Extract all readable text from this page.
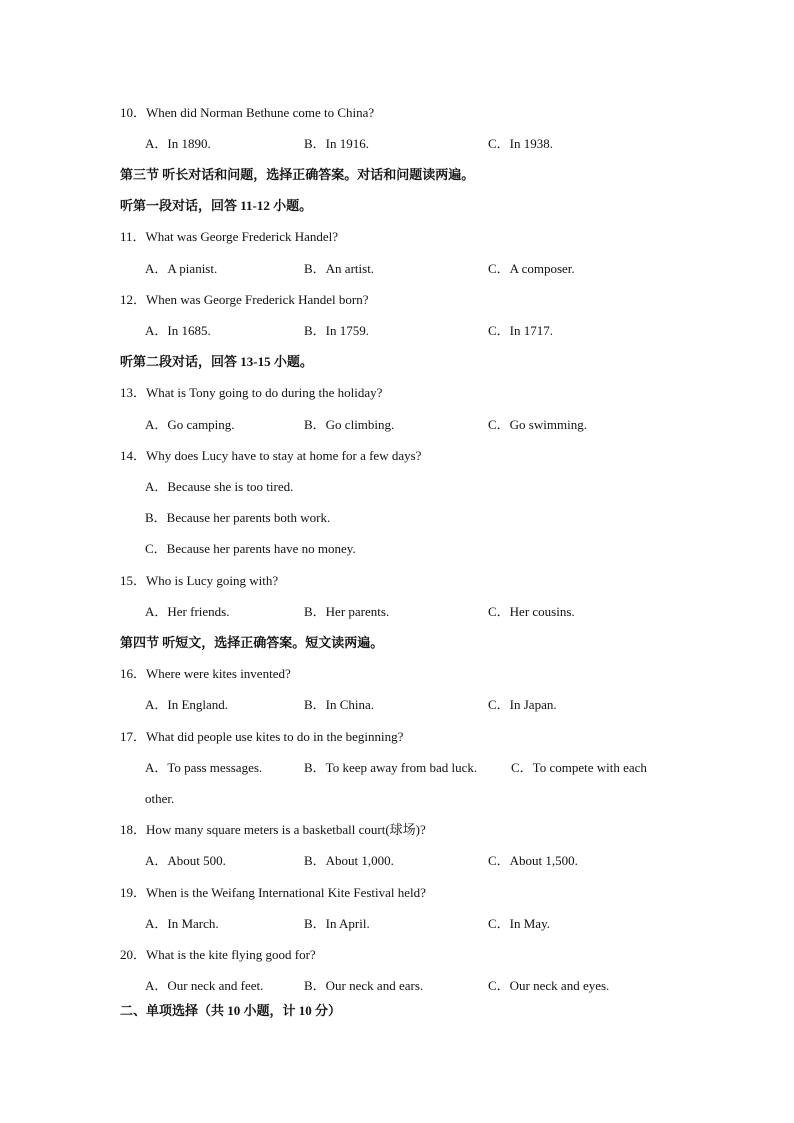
10．When did Norman Bethune come to China?
A．In 1890.	B．In 1916.	C．In 1938.
第三节 听长对话和问题，选择正确答案。对话和问题读两遍。
听第一段对话，回答 11-12 小题。
11．What was George Frederick Handel?
A．A pianist.	B．An artist.	C．A composer.
12．When was George Frederick Handel born?
A．In 1685.	B．In 1759.	C．In 1717.
听第二段对话，回答 13-15 小题。
13．What is Tony going to do during the holiday?
A．Go camping.	B．Go climbing.	C．Go swimming.
14．Why does Lucy have to stay at home for a few days?
A．Because she is too tired.
B．Because her parents both work.
C．Because her parents have no money.
15．Who is Lucy going with?
A．Her friends.	B．Her parents.	C．Her cousins.
第四节 听短文，选择正确答案。短文读两遍。
16．Where were kites invented?
A．In England.	B．In China.	C．In Japan.
17．What did people use kites to do in the beginning?
A．To pass messages.	B．To keep away from bad luck.	C．To compete with each
other.
18．How many square meters is a basketball court(球场)?
A．About 500.	B．About 1,000.	C．About 1,500.
19．When is the Weifang International Kite Festival held?
A．In March.	B．In April.	C．In May.
20．What is the kite flying good for?
A．Our neck and feet.	B．Our neck and ears.	C．Our neck and eyes.
二、单项选择（共 10 小题，计 10 分）
